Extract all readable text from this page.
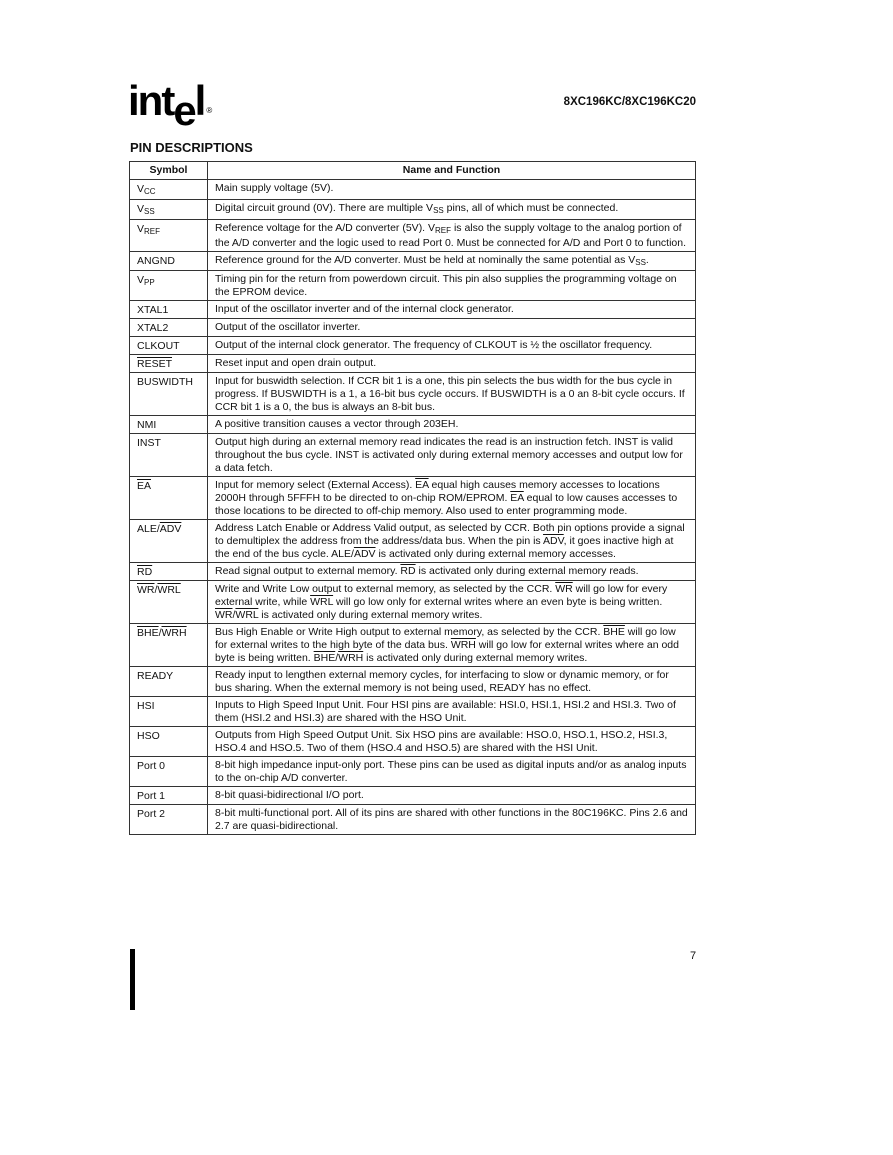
intel ®
8XC196KC/8XC196KC20
PIN DESCRIPTIONS
Symbol	Name and Function
$V_{CC}$	Main supply voltage (5V).
$V_{SS}$	Digital circuit ground (0V). There are multiple $V_{SS}$ pins, all of which must be connected.
$V_{REF}$	Reference voltage for the A/D converter (5V). $V_{REF}$ is also the supply voltage to the analog portion of the A/D converter and the logic used to read Port 0. Must be connected for A/D and Port 0 to function.
ANGND	Reference ground for the A/D converter. Must be held at nominally the same potential as $V_{SS}$.
$V_{PP}$	Timing pin for the return from powerdown circuit. This pin also supplies the programming voltage on the EPROM device.
XTAL1	Input of the oscillator inverter and of the internal clock generator.
XTAL2	Output of the oscillator inverter.
CLKOUT	Output of the internal clock generator. The frequency of CLKOUT is ½ the oscillator frequency.
RESET	Reset input and open drain output.
BUSWIDTH	Input for buswidth selection. If CCR bit 1 is a one, this pin selects the bus width for the bus cycle in progress. If BUSWIDTH is a 1, a 16-bit bus cycle occurs. If BUSWIDTH is a 0 an 8-bit cycle occurs. If CCR bit 1 is a 0, the bus is always an 8-bit bus.
NMI	A positive transition causes a vector through 203EH.
INST	Output high during an external memory read indicates the read is an instruction fetch. INST is valid throughout the bus cycle. INST is activated only during external memory accesses and output low for a data fetch.
$\overline{EA}$	Input for memory select (External Access). $\overline{EA}$ equal high causes memory accesses to locations 2000H through 5FFFH to be directed to on-chip ROM/EPROM. $\overline{EA}$ equal to low causes accesses to those locations to be directed to off-chip memory. Also used to enter programming mode.
ALE/$\overline{ADV}$	Address Latch Enable or Address Valid output, as selected by CCR. Both pin options provide a signal to demultiplex the address from the address/data bus. When the pin is $\overline{ADV}$, it goes inactive high at the end of the bus cycle. ALE/$\overline{ADV}$ is activated only during external memory accesses.
$\overline{RD}$	Read signal output to external memory. $\overline{RD}$ is activated only during external memory reads.
$\overline{WR}/\overline{WRL}$	Write and Write Low output to external memory, as selected by the CCR. $\overline{WR}$ will go low for every external write, while $\overline{WRL}$ will go low only for external writes where an even byte is being written. $\overline{WR}/\overline{WRL}$ is activated only during external memory writes.
$\overline{BHE}/\overline{WRH}$	Bus High Enable or Write High output to external memory, as selected by the CCR. $\overline{BHE}$ will go low for external writes to the high byte of the data bus. $\overline{WRH}$ will go low for external writes where an odd byte is being written. $\overline{BHE}/\overline{WRH}$ is activated only during external memory writes.
READY	Ready input to lengthen external memory cycles, for interfacing to slow or dynamic memory, or for bus sharing. When the external memory is not being used, READY has no effect.
HSI	Inputs to High Speed Input Unit. Four HSI pins are available: HSI.0, HSI.1, HSI.2 and HSI.3. Two of them (HSI.2 and HSI.3) are shared with the HSO Unit.
HSO	Outputs from High Speed Output Unit. Six HSO pins are available: HSO.0, HSO.1, HSO.2, HSI.3, HSO.4 and HSO.5. Two of them (HSO.4 and HSO.5) are shared with the HSI Unit.
Port 0	8-bit high impedance input-only port. These pins can be used as digital inputs and/or as analog inputs to the on-chip A/D converter.
Port 1	8-bit quasi-bidirectional I/O port.
Port 2	8-bit multi-functional port. All of its pins are shared with other functions in the 80C196KC. Pins 2.6 and 2.7 are quasi-bidirectional.
7
